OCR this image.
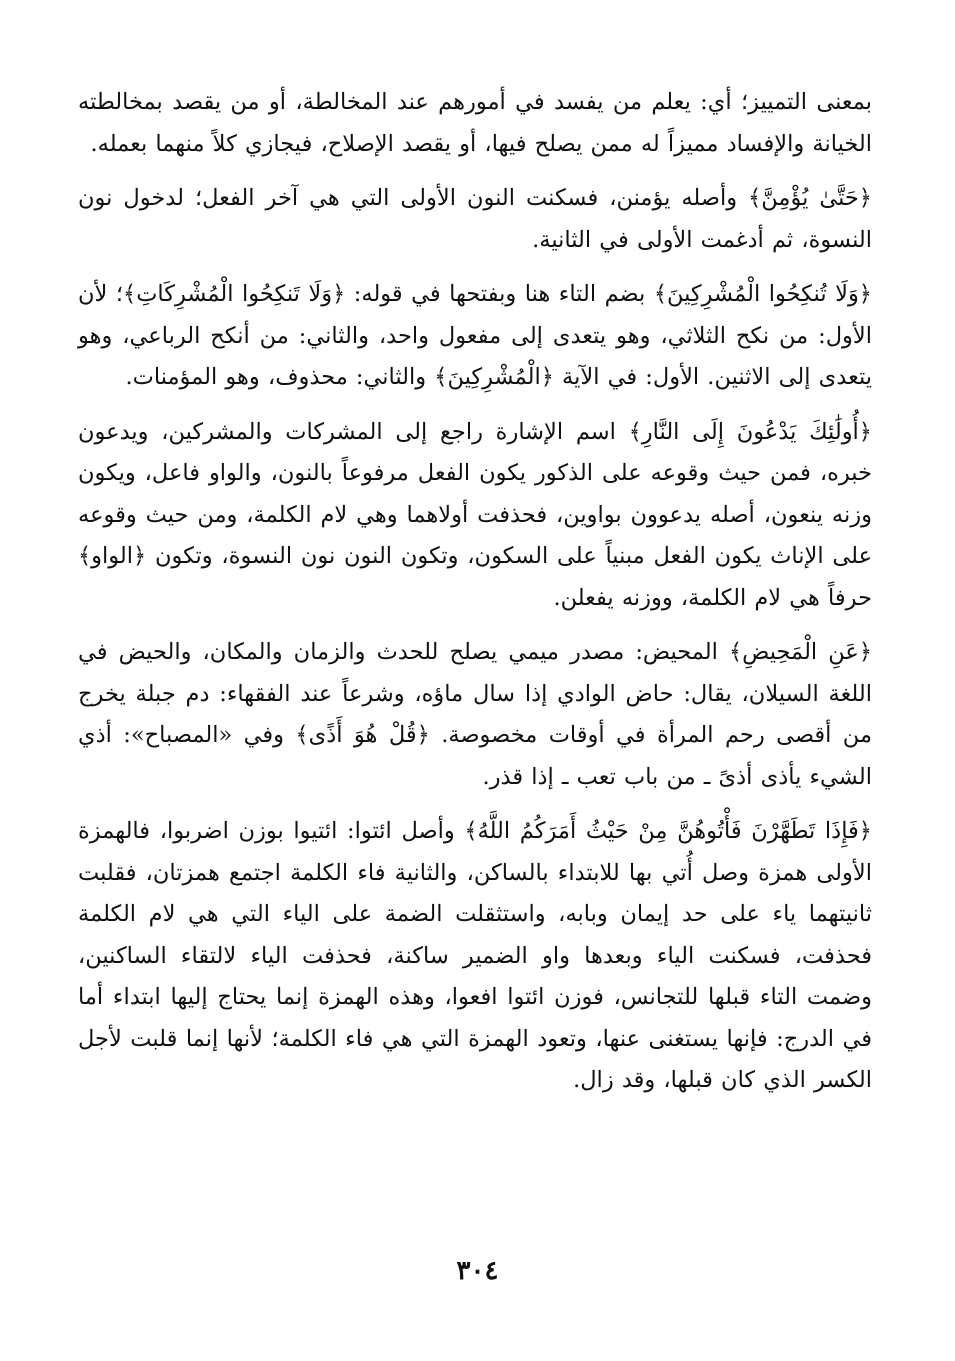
بمعنى التمييز؛ أي: يعلم من يفسد في أمورهم عند المخالطة، أو من يقصد بمخالطته الخيانة والإفساد مميزاً له ممن يصلح فيها، أو يقصد الإصلاح، فيجازي كلاً منهما بعمله.

﴿حَتَّىٰ يُؤْمِنَّ﴾ وأصله يؤمنن، فسكنت النون الأولى التي هي آخر الفعل؛ لدخول نون النسوة، ثم أدغمت الأولى في الثانية.

﴿وَلَا تُنكِحُوا الْمُشْرِكِينَ﴾ بضم التاء هنا وبفتحها في قوله: ﴿وَلَا تَنكِحُوا الْمُشْرِكَاتِ﴾؛ لأن الأول: من نكح الثلاثي، وهو يتعدى إلى مفعول واحد، والثاني: من أنكح الرباعي، وهو يتعدى إلى الاثنين. الأول: في الآية ﴿الْمُشْرِكِينَ﴾ والثاني: محذوف، وهو المؤمنات.

﴿أُولَٰئِكَ يَدْعُونَ إِلَى النَّارِ﴾ اسم الإشارة راجع إلى المشركات والمشركين، ويدعون خبره، فمن حيث وقوعه على الذكور يكون الفعل مرفوعاً بالنون، والواو فاعل، ويكون وزنه ينعون، أصله يدعوون بواوين، فحذفت أولاهما وهي لام الكلمة، ومن حيث وقوعه على الإناث يكون الفعل مبنياً على السكون، وتكون النون نون النسوة، وتكون ﴿الواو﴾ حرفاً هي لام الكلمة، ووزنه يفعلن.

﴿عَنِ الْمَحِيضِ﴾ المحيض: مصدر ميمي يصلح للحدث والزمان والمكان، والحيض في اللغة السيلان، يقال: حاض الوادي إذا سال ماؤه، وشرعاً عند الفقهاء: دم جبلة يخرج من أقصى رحم المرأة في أوقات مخصوصة. ﴿قُلْ هُوَ أَذًى﴾ وفي «المصباح»: أذي الشيء يأذى أذىً ـ من باب تعب ـ إذا قذر.

﴿فَإِذَا تَطَهَّرْنَ فَأْتُوهُنَّ مِنْ حَيْثُ أَمَرَكُمُ اللَّهُ﴾ وأصل ائتوا: ائتيوا بوزن اضربوا، فالهمزة الأولى همزة وصل أُتي بها للابتداء بالساكن، والثانية فاء الكلمة اجتمع همزتان، فقلبت ثانيتهما ياء على حد إيمان وبابه، واستثقلت الضمة على الياء التي هي لام الكلمة فحذفت، فسكنت الياء وبعدها واو الضمير ساكنة، فحذفت الياء لالتقاء الساكنين، وضمت التاء قبلها للتجانس، فوزن ائتوا افعوا، وهذه الهمزة إنما يحتاج إليها ابتداء أما في الدرج: فإنها يستغنى عنها، وتعود الهمزة التي هي فاء الكلمة؛ لأنها إنما قلبت لأجل الكسر الذي كان قبلها، وقد زال.

٣٠٤
